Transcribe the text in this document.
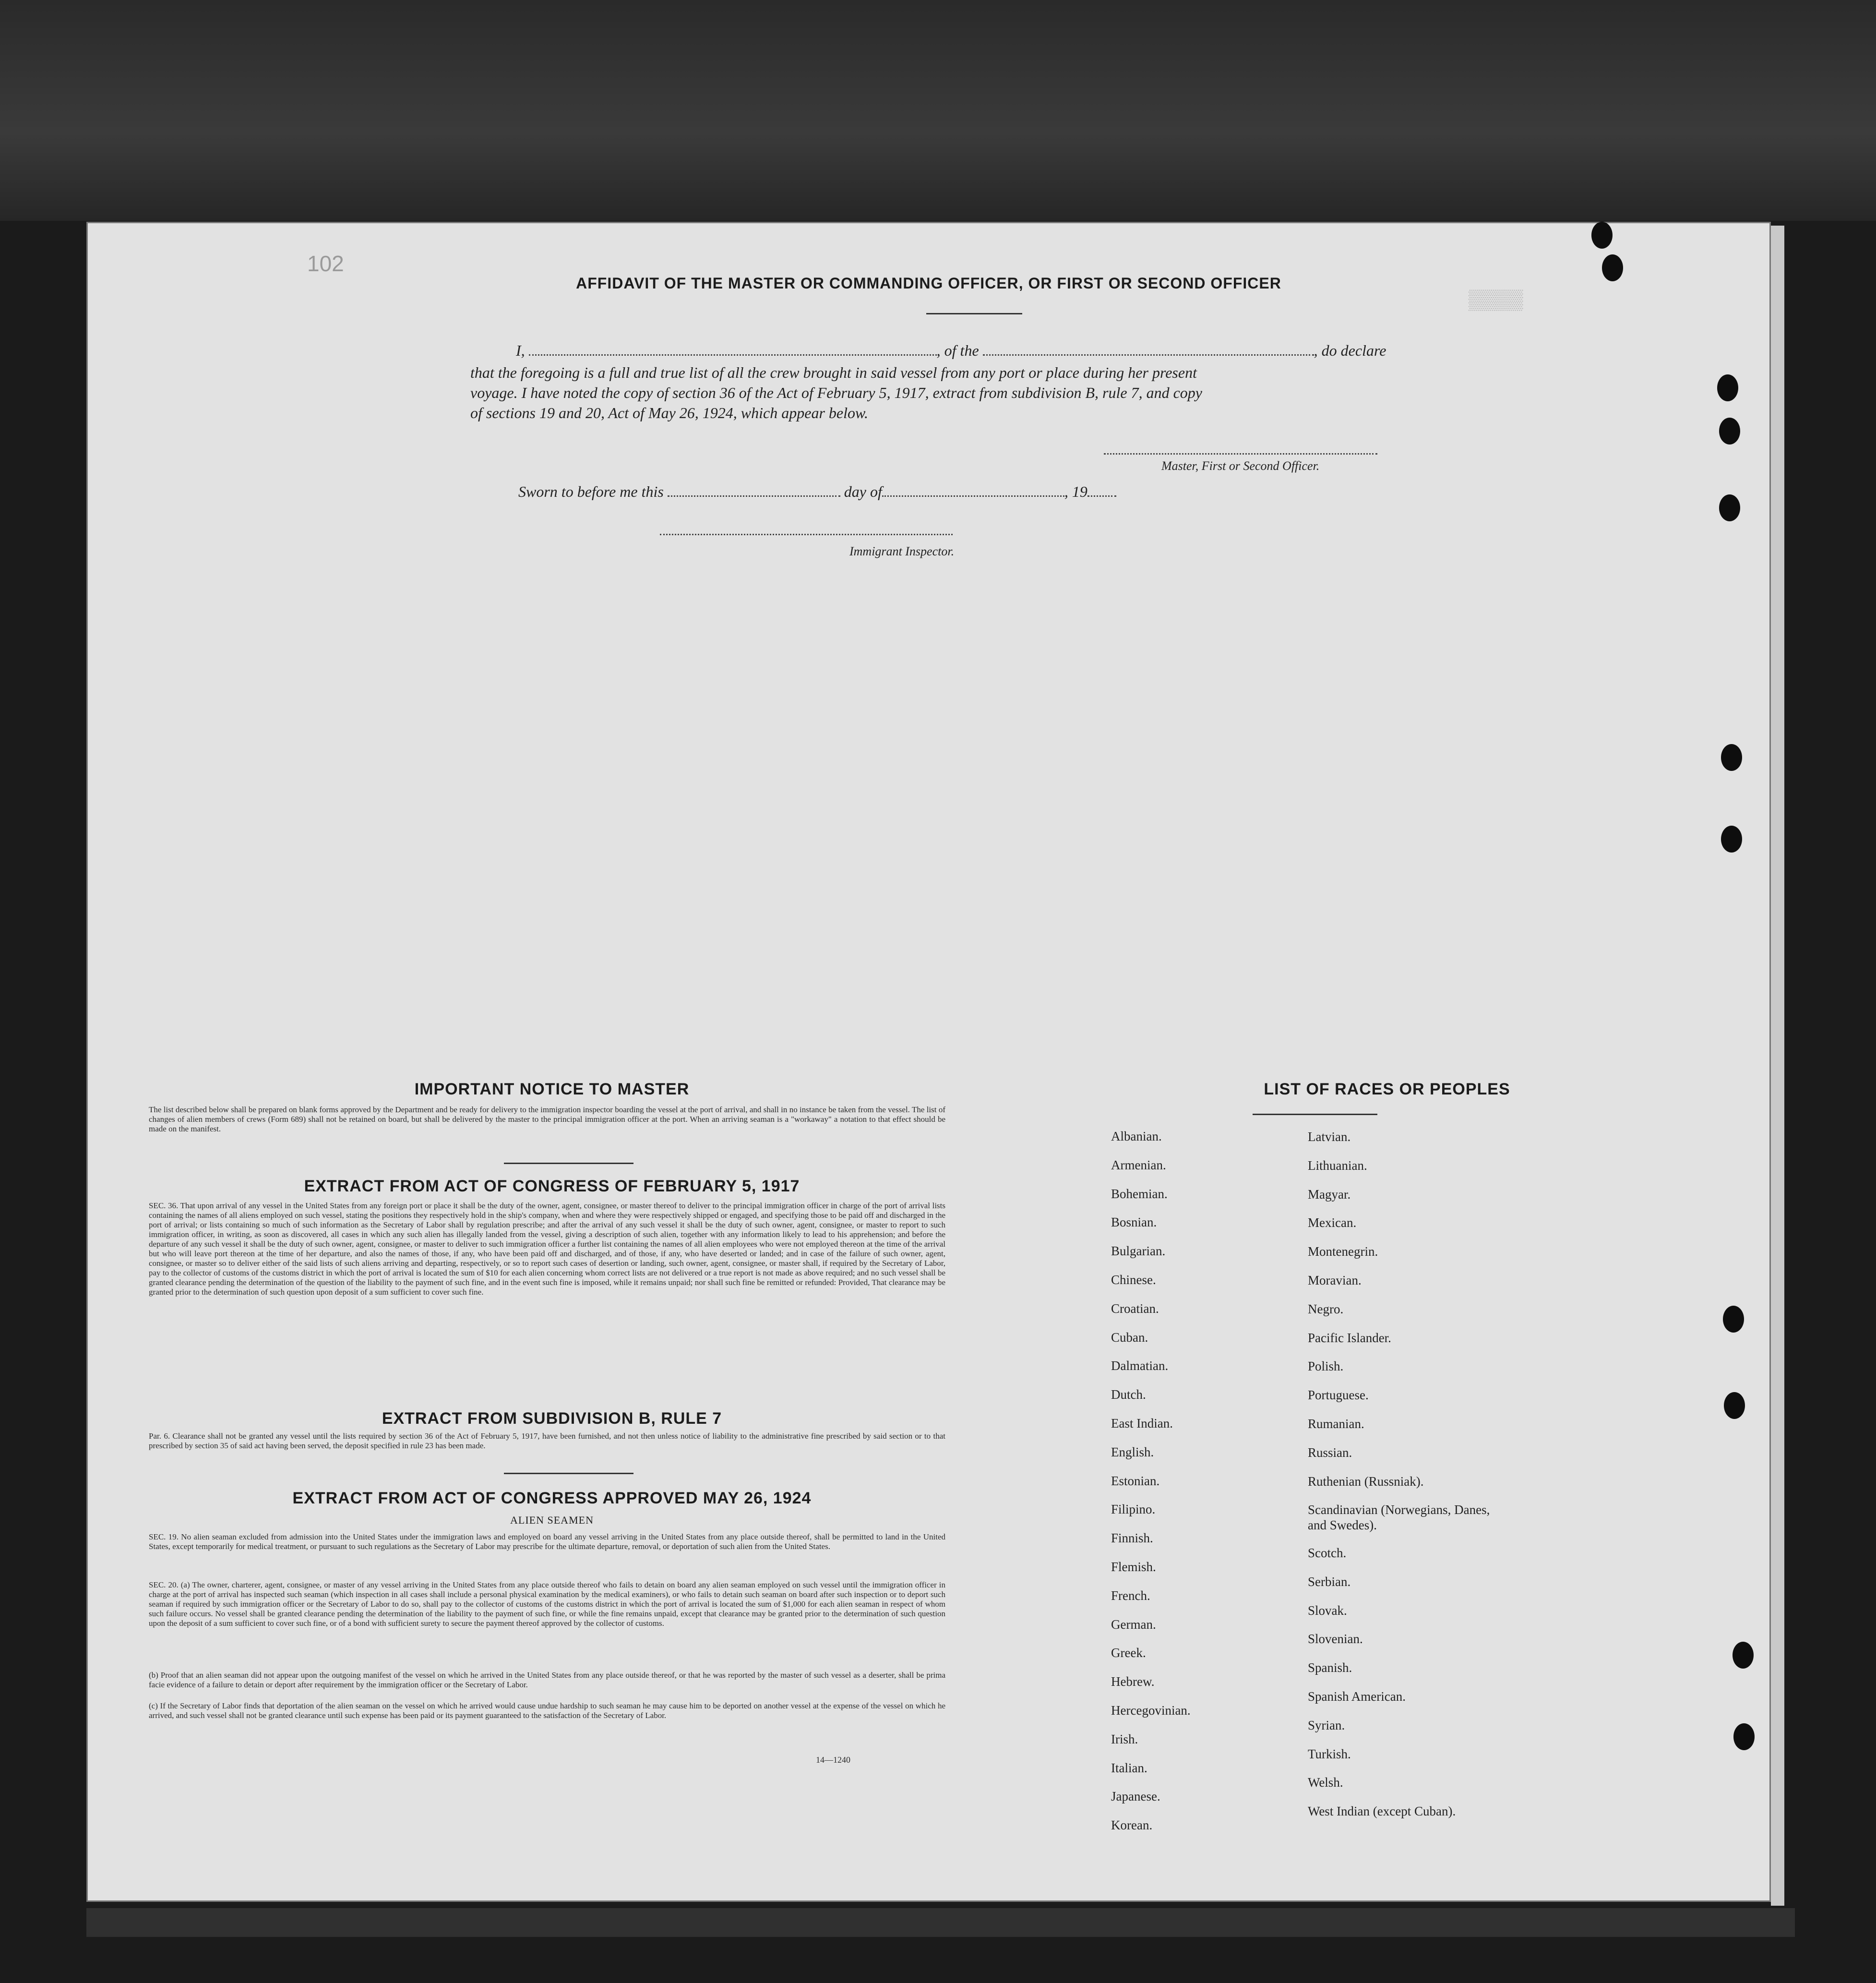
▒▒▒▒
102
AFFIDAVIT OF THE MASTER OR COMMANDING OFFICER, OR FIRST OR SECOND OFFICER
I,	, of the	, do declare
that the foregoing is a full and true list of all the crew brought in said vessel from any port or place during her present
voyage. I have noted the copy of section 36 of the Act of February 5, 1917, extract from subdivision B, rule 7, and copy
of sections 19 and 20, Act of May 26, 1924, which appear below.
Master, First or Second Officer.
Sworn to before me this	day of	, 19
Immigrant Inspector.
IMPORTANT NOTICE TO MASTER
The list described below shall be prepared on blank forms approved by the Department and be ready for delivery to the immigration inspector boarding the vessel at the port of arrival, and shall in no instance be taken from the vessel. The list of changes of alien members of crews (Form 689) shall not be retained on board, but shall be delivered by the master to the principal immigration officer at the port. When an arriving seaman is a "workaway" a notation to that effect should be made on the manifest.
EXTRACT FROM ACT OF CONGRESS OF FEBRUARY 5, 1917
SEC. 36. That upon arrival of any vessel in the United States from any foreign port or place it shall be the duty of the owner, agent, consignee, or master thereof to deliver to the principal immigration officer in charge of the port of arrival lists containing the names of all aliens employed on such vessel, stating the positions they respectively hold in the ship's company, when and where they were respectively shipped or engaged, and specifying those to be paid off and discharged in the port of arrival; or lists containing so much of such information as the Secretary of Labor shall by regulation prescribe; and after the arrival of any such vessel it shall be the duty of such owner, agent, consignee, or master to report to such immigration officer, in writing, as soon as discovered, all cases in which any such alien has illegally landed from the vessel, giving a description of such alien, together with any information likely to lead to his apprehension; and before the departure of any such vessel it shall be the duty of such owner, agent, consignee, or master to deliver to such immigration officer a further list containing the names of all alien employees who were not employed thereon at the time of the arrival but who will leave port thereon at the time of her departure, and also the names of those, if any, who have been paid off and discharged, and of those, if any, who have deserted or landed; and in case of the failure of such owner, agent, consignee, or master so to deliver either of the said lists of such aliens arriving and departing, respectively, or so to report such cases of desertion or landing, such owner, agent, consignee, or master shall, if required by the Secretary of Labor, pay to the collector of customs of the customs district in which the port of arrival is located the sum of $10 for each alien concerning whom correct lists are not delivered or a true report is not made as above required; and no such vessel shall be granted clearance pending the determination of the question of the liability to the payment of such fine, and in the event such fine is imposed, while it remains unpaid; nor shall such fine be remitted or refunded: Provided, That clearance may be granted prior to the determination of such question upon deposit of a sum sufficient to cover such fine.
EXTRACT FROM SUBDIVISION B, RULE 7
Par. 6. Clearance shall not be granted any vessel until the lists required by section 36 of the Act of February 5, 1917, have been furnished, and not then unless notice of liability to the administrative fine prescribed by said section or to that prescribed by section 35 of said act having been served, the deposit specified in rule 23 has been made.
EXTRACT FROM ACT OF CONGRESS APPROVED MAY 26, 1924
ALIEN SEAMEN
SEC. 19. No alien seaman excluded from admission into the United States under the immigration laws and employed on board any vessel arriving in the United States from any place outside thereof, shall be permitted to land in the United States, except temporarily for medical treatment, or pursuant to such regulations as the Secretary of Labor may prescribe for the ultimate departure, removal, or deportation of such alien from the United States.
SEC. 20. (a) The owner, charterer, agent, consignee, or master of any vessel arriving in the United States from any place outside thereof who fails to detain on board any alien seaman employed on such vessel until the immigration officer in charge at the port of arrival has inspected such seaman (which inspection in all cases shall include a personal physical examination by the medical examiners), or who fails to detain such seaman on board after such inspection or to deport such seaman if required by such immigration officer or the Secretary of Labor to do so, shall pay to the collector of customs of the customs district in which the port of arrival is located the sum of $1,000 for each alien seaman in respect of whom such failure occurs. No vessel shall be granted clearance pending the determination of the liability to the payment of such fine, or while the fine remains unpaid, except that clearance may be granted prior to the determination of such question upon the deposit of a sum sufficient to cover such fine, or of a bond with sufficient surety to secure the payment thereof approved by the collector of customs.
(b) Proof that an alien seaman did not appear upon the outgoing manifest of the vessel on which he arrived in the United States from any place outside thereof, or that he was reported by the master of such vessel as a deserter, shall be prima facie evidence of a failure to detain or deport after requirement by the immigration officer or the Secretary of Labor.
(c) If the Secretary of Labor finds that deportation of the alien seaman on the vessel on which he arrived would cause undue hardship to such seaman he may cause him to be deported on another vessel at the expense of the vessel on which he arrived, and such vessel shall not be granted clearance until such expense has been paid or its payment guaranteed to the satisfaction of the Secretary of Labor.
14—1240
LIST OF RACES OR PEOPLES
Albanian.
Armenian.
Bohemian.
Bosnian.
Bulgarian.
Chinese.
Croatian.
Cuban.
Dalmatian.
Dutch.
East Indian.
English.
Estonian.
Filipino.
Finnish.
Flemish.
French.
German.
Greek.
Hebrew.
Hercegovinian.
Irish.
Italian.
Japanese.
Korean.
Latvian.
Lithuanian.
Magyar.
Mexican.
Montenegrin.
Moravian.
Negro.
Pacific Islander.
Polish.
Portuguese.
Rumanian.
Russian.
Ruthenian (Russniak).
Scandinavian (Norwegians, Danes, and Swedes).
Scotch.
Serbian.
Slovak.
Slovenian.
Spanish.
Spanish American.
Syrian.
Turkish.
Welsh.
West Indian (except Cuban).
